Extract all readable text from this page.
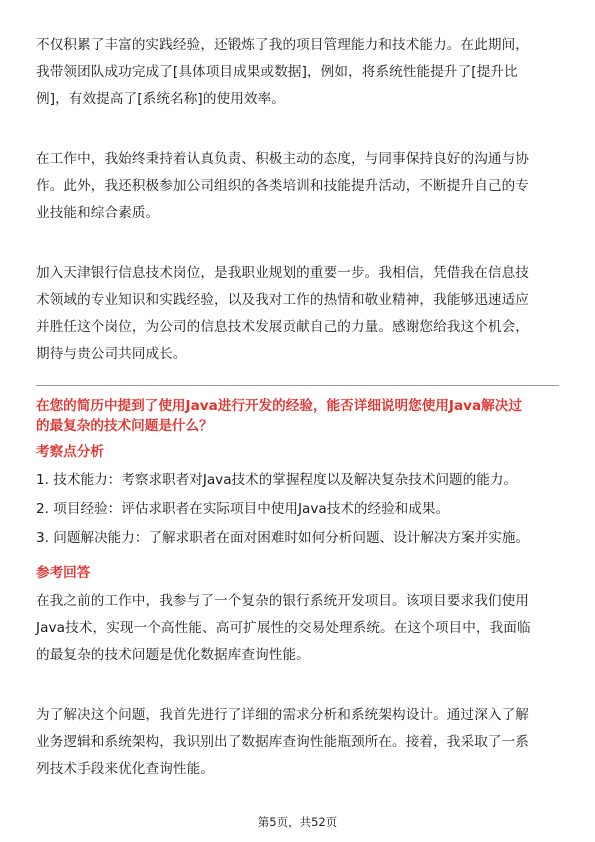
不仅积累了丰富的实践经验，还锻炼了我的项目管理能力和技术能力。在此期间，
我带领团队成功完成了[具体项目成果或数据]，例如，将系统性能提升了[提升比
例]，有效提高了[系统名称]的使用效率。

在工作中，我始终秉持着认真负责、积极主动的态度，与同事保持良好的沟通与协
作。此外，我还积极参加公司组织的各类培训和技能提升活动，不断提升自己的专
业技能和综合素质。

加入天津银行信息技术岗位，是我职业规划的重要一步。我相信，凭借我在信息技
术领域的专业知识和实践经验，以及我对工作的热情和敬业精神，我能够迅速适应
并胜任这个岗位，为公司的信息技术发展贡献自己的力量。感谢您给我这个机会，
期待与贵公司共同成长。

在您的简历中提到了使用Java进行开发的经验，能否详细说明您使用Java解决过
的最复杂的技术问题是什么？

考察点分析

1. 技术能力：考察求职者对Java技术的掌握程度以及解决复杂技术问题的能力。

2. 项目经验：评估求职者在实际项目中使用Java技术的经验和成果。

3. 问题解决能力：了解求职者在面对困难时如何分析问题、设计解决方案并实施。

参考回答

在我之前的工作中，我参与了一个复杂的银行系统开发项目。该项目要求我们使用
Java技术，实现一个高性能、高可扩展性的交易处理系统。在这个项目中，我面临
的最复杂的技术问题是优化数据库查询性能。

为了解决这个问题，我首先进行了详细的需求分析和系统架构设计。通过深入了解
业务逻辑和系统架构，我识别出了数据库查询性能瓶颈所在。接着，我采取了一系
列技术手段来优化查询性能。

第5页，共52页
